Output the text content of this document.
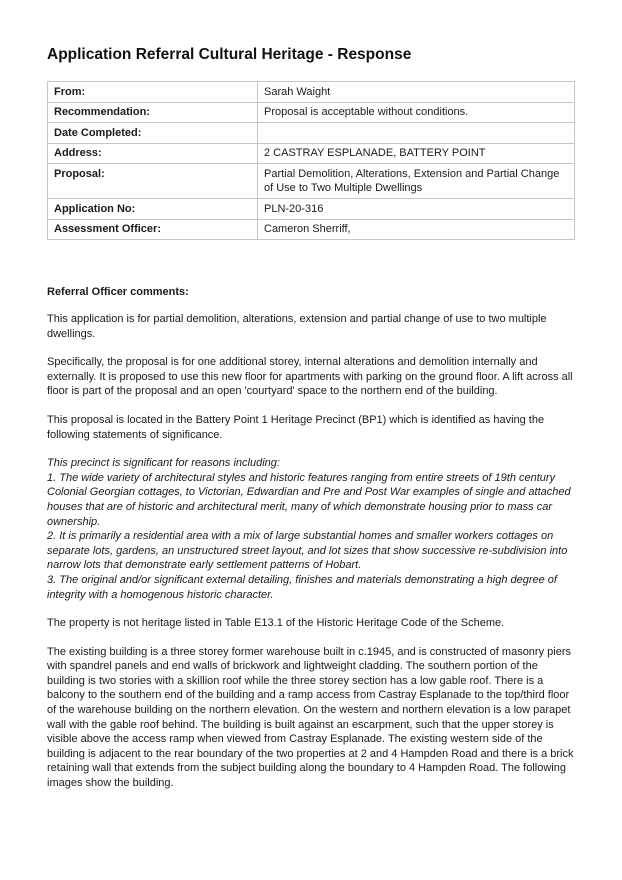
Application Referral Cultural Heritage - Response
From:	Sarah Waight
Recommendation:	Proposal is acceptable without conditions.
Date Completed:	
Address:	2 CASTRAY ESPLANADE, BATTERY POINT
Proposal:	Partial Demolition, Alterations, Extension and Partial Change of Use to Two Multiple Dwellings
Application No:	PLN-20-316
Assessment Officer:	Cameron Sherriff,
Referral Officer comments:

This application is for partial demolition, alterations, extension and partial change of use to two multiple dwellings.

Specifically, the proposal is for one additional storey, internal alterations and demolition internally and externally. It is proposed to use this new floor for apartments with parking on the ground floor. A lift across all floor is part of the proposal and an open 'courtyard' space to the northern end of the building.

This proposal is located in the Battery Point 1 Heritage Precinct (BP1) which is identified as having the following statements of significance.

This precinct is significant for reasons including:

1. The wide variety of architectural styles and historic features ranging from entire streets of 19th century Colonial Georgian cottages, to Victorian, Edwardian and Pre and Post War examples of single and attached houses that are of historic and architectural merit, many of which demonstrate housing prior to mass car ownership.

2. It is primarily a residential area with a mix of large substantial homes and smaller workers cottages on separate lots, gardens, an unstructured street layout, and lot sizes that show successive re-subdivision into narrow lots that demonstrate early settlement patterns of Hobart.

3. The original and/or significant external detailing, finishes and materials demonstrating a high degree of integrity with a homogenous historic character.

The property is not heritage listed in Table E13.1 of the Historic Heritage Code of the Scheme.

The existing building is a three storey former warehouse built in c.1945, and is constructed of masonry piers with spandrel panels and end walls of brickwork and lightweight cladding. The southern portion of the building is two stories with a skillion roof while the three storey section has a low gable roof. There is a balcony to the southern end of the building and a ramp access from Castray Esplanade to the top/third floor of the warehouse building on the northern elevation. On the western and northern elevation is a low parapet wall with the gable roof behind. The building is built against an escarpment, such that the upper storey is visible above the access ramp when viewed from Castray Esplanade. The existing western side of the building is adjacent to the rear boundary of the two properties at 2 and 4 Hampden Road and there is a brick retaining wall that extends from the subject building along the boundary to 4 Hampden Road. The following images show the building.
